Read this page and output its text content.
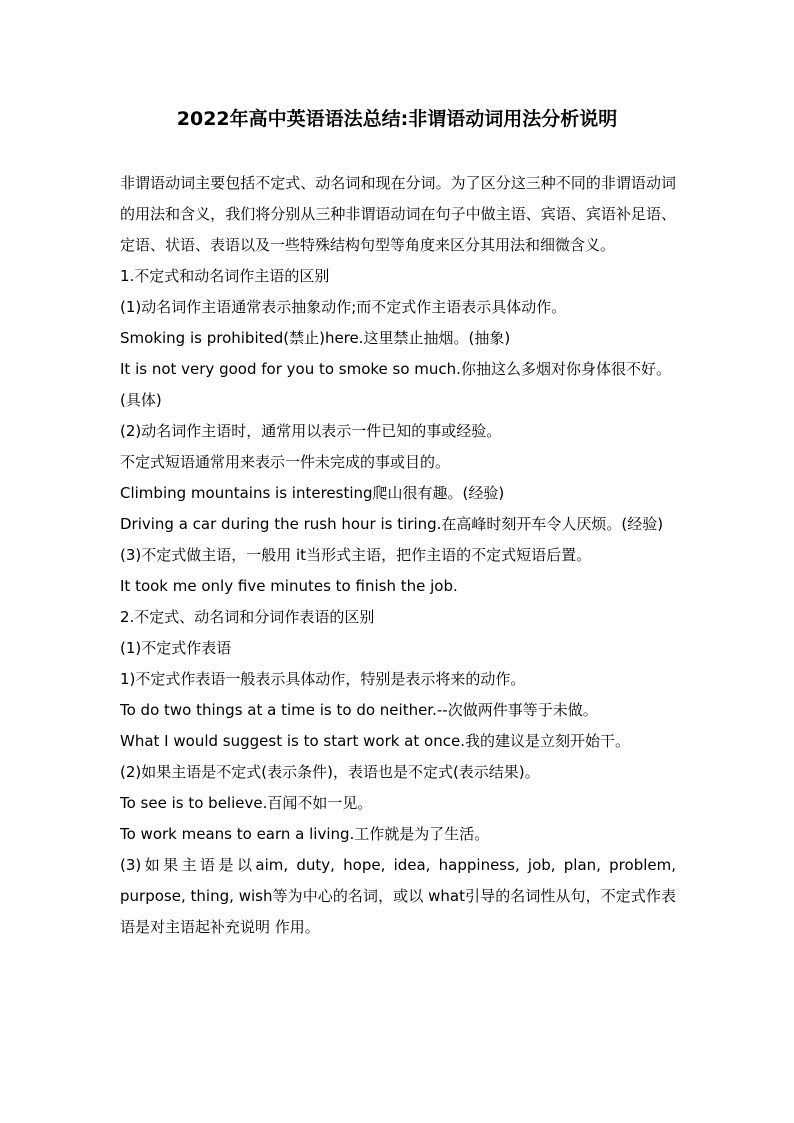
2022年高中英语语法总结:非谓语动词用法分析说明

非谓语动词主要包括不定式、动名词和现在分词。为了区分这三种不同的非谓语动词的用法和含义，我们将分别从三种非谓语动词在句子中做主语、宾语、宾语补足语、定语、状语、表语以及一些特殊结构句型等角度来区分其用法和细微含义。

1.不定式和动名词作主语的区别

(1)动名词作主语通常表示抽象动作;而不定式作主语表示具体动作。

Smoking is prohibited(禁止)here.这里禁止抽烟。(抽象)

It is not very good for you to smoke so much.你抽这么多烟对你身体很不好。(具体)

(2)动名词作主语时，通常用以表示一件已知的事或经验。

不定式短语通常用来表示一件未完成的事或目的。

Climbing mountains is interesting爬山很有趣。(经验)

Driving a car during the rush hour is tiring.在高峰时刻开车令人厌烦。(经验)

(3)不定式做主语，一般用 it当形式主语，把作主语的不定式短语后置。

It took me only five minutes to finish the job.

2.不定式、动名词和分词作表语的区别

(1)不定式作表语

1)不定式作表语一般表示具体动作，特别是表示将来的动作。

To do two things at a time is to do neither.--次做两件事等于未做。

What I would suggest is to start work at once.我的建议是立刻开始干。

(2)如果主语是不定式(表示条件)，表语也是不定式(表示结果)。

To see is to believe.百闻不如一见。

To work means to earn a living.工作就是为了生活。

(3)如果主语是以aim, duty, hope, idea, happiness, job, plan, problem, purpose, thing, wish等为中心的名词，或以 what引导的名词性从句，不定式作表语是对主语起补充说明 作用。
